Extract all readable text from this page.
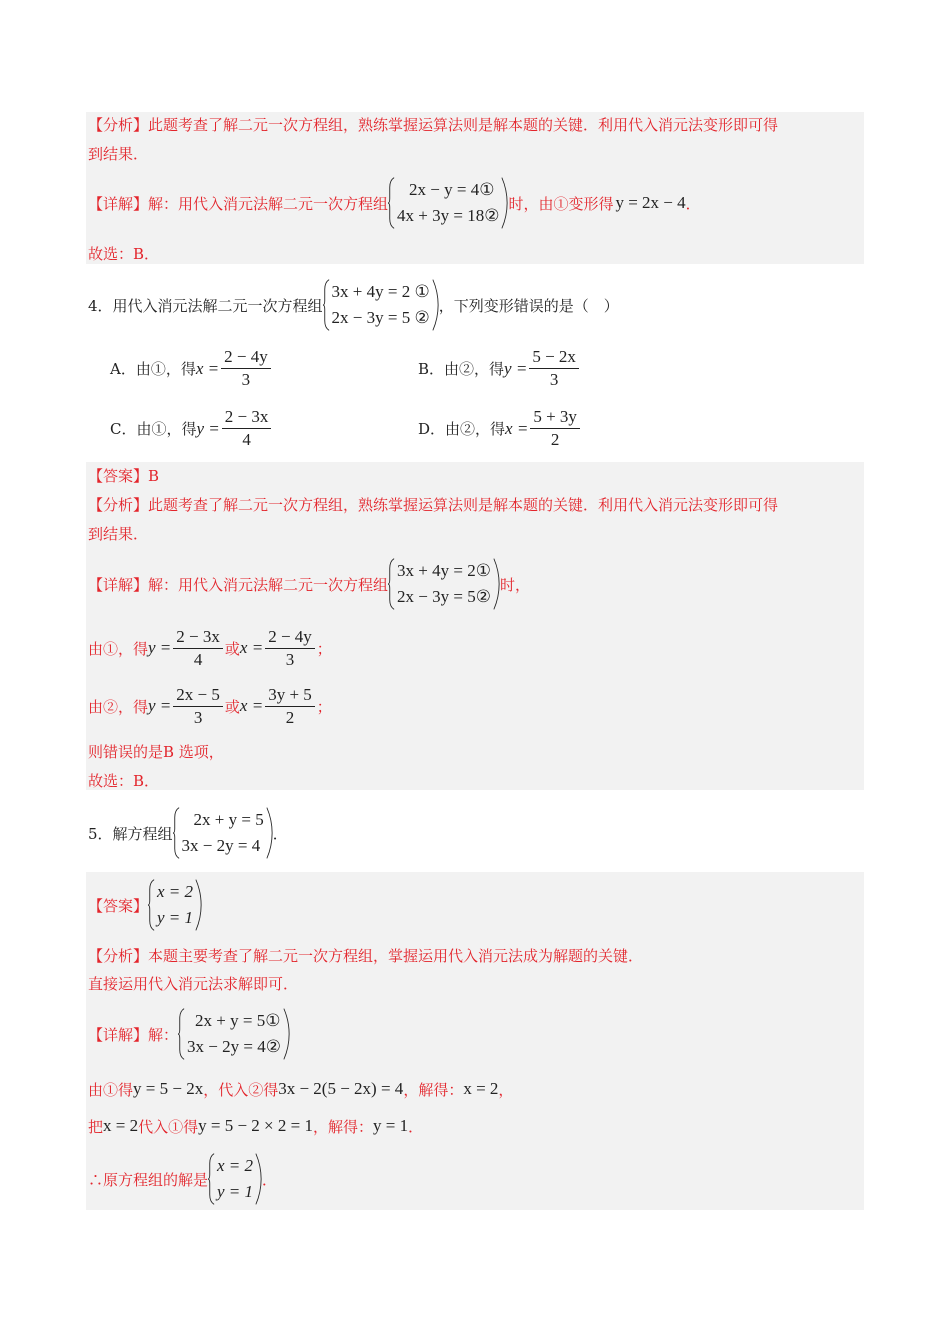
【分析】此题考查了解二元一次方程组，熟练掌握运算法则是解本题的关键．利用代入消元法变形即可得
到结果．
【详解】解：用代入消元法解二元一次方程组
2x − y = 4①
4x + 3y = 18②
时，由①变形得 y = 2x − 4 ．
故选：B．
4．用代入消元法解二元一次方程组
3x + 4y = 2 ①
2x − 3y = 5 ②
，下列变形错误的是（　）
A．由①，得 $x = \frac{2 - 4y}{3}$	B．由②，得 $y = \frac{5 - 2x}{3}$
C．由①，得 $y = \frac{2 - 3x}{4}$	D．由②，得 $x = \frac{5 + 3y}{2}$
【答案】B
【分析】此题考查了解二元一次方程组，熟练掌握运算法则是解本题的关键．利用代入消元法变形即可得
到结果．
【详解】解：用代入消元法解二元一次方程组
3x + 4y = 2①
2x − 3y = 5②
时，
由①，得 $y = \frac{2 - 3x}{4}$ 或 $x = \frac{2 - 4y}{3}$ ；
由②，得 $y = \frac{2x - 5}{3}$ 或 $x = \frac{3y + 5}{2}$ ；
则错误的是B 选项，
故选：B．
5．解方程组
2x + y = 5
3x − 2y = 4
．
【答案】
x = 2
y = 1
【分析】本题主要考查了解二元一次方程组，掌握运用代入消元法成为解题的关键．
直接运用代入消元法求解即可．
【详解】解：
2x + y = 5①
3x − 2y = 4②
由①得 y = 5 − 2x ，代入②得 3x − 2(5 − 2x) = 4 ，解得： x = 2 ，
把 x = 2 代入①得 y = 5 − 2 × 2 = 1 ，解得： y = 1 ．
∴原方程组的解是
x = 2
y = 1
．
